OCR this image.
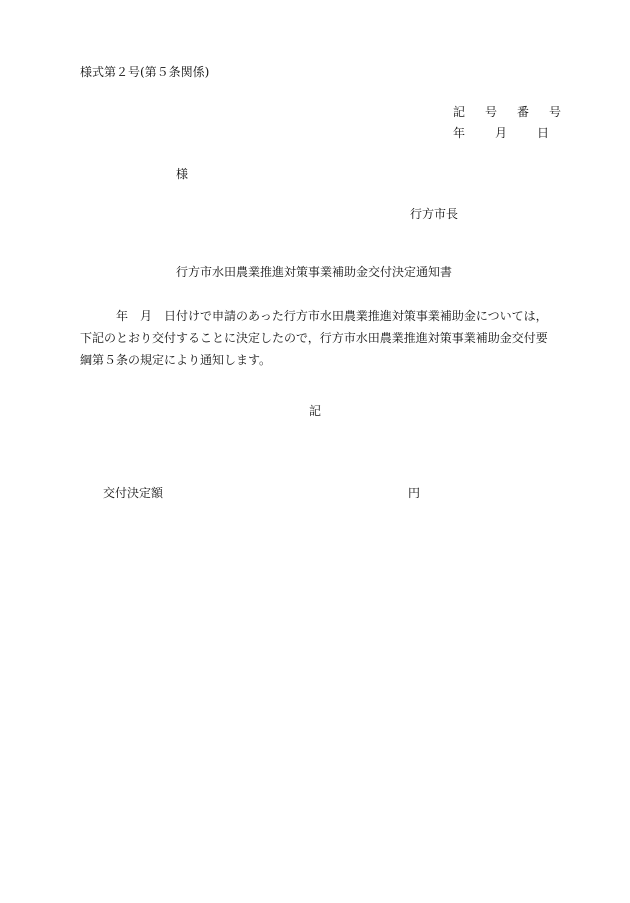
様式第２号(第５条関係)
記　号　番　号
年　　月　　日
様
行方市長
行方市水田農業推進対策事業補助金交付決定通知書
年　月　日付けで申請のあった行方市水田農業推進対策事業補助金については，
下記のとおり交付することに決定したので，行方市水田農業推進対策事業補助金交付要
綱第５条の規定により通知します。
記
交付決定額	円
